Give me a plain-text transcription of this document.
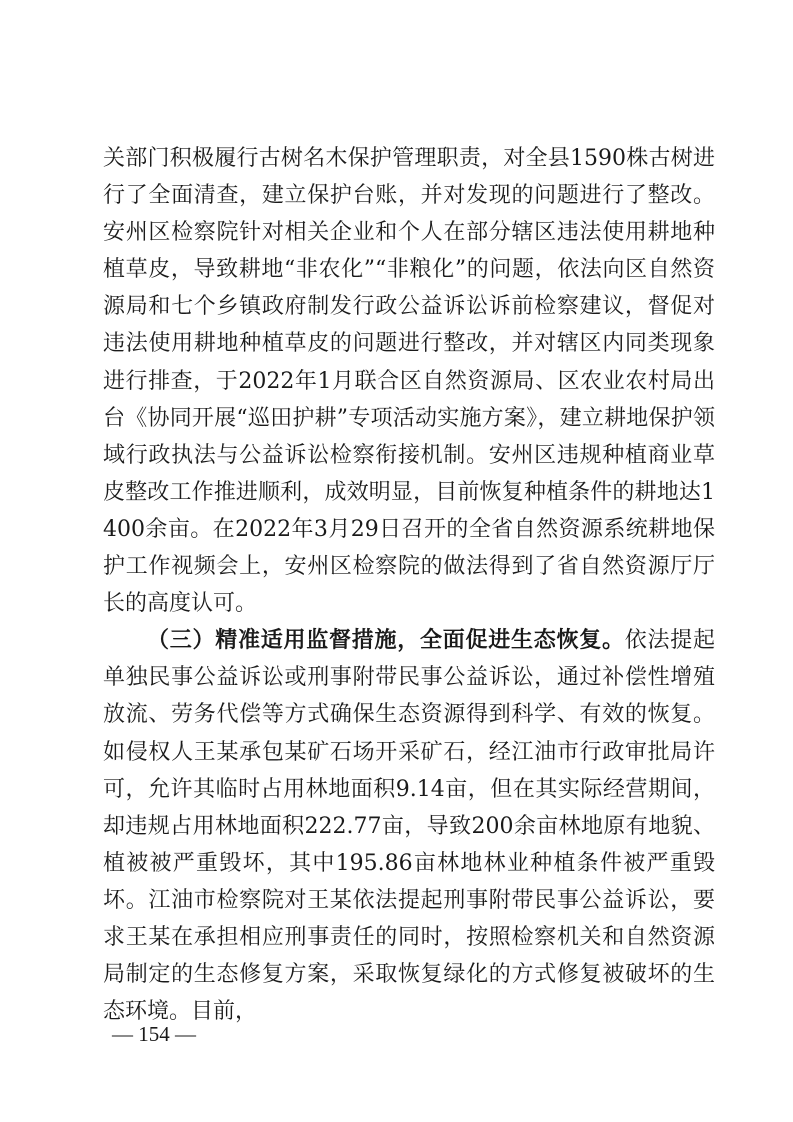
关部门积极履行古树名木保护管理职责，对全县1590株古树进行了全面清查，建立保护台账，并对发现的问题进行了整改。安州区检察院针对相关企业和个人在部分辖区违法使用耕地种植草皮，导致耕地“非农化”“非粮化”的问题，依法向区自然资源局和七个乡镇政府制发行政公益诉讼诉前检察建议，督促对违法使用耕地种植草皮的问题进行整改，并对辖区内同类现象进行排查，于2022年1月联合区自然资源局、区农业农村局出台《协同开展“巡田护耕”专项活动实施方案》，建立耕地保护领域行政执法与公益诉讼检察衔接机制。安州区违规种植商业草皮整改工作推进顺利，成效明显，目前恢复种植条件的耕地达1400余亩。在2022年3月29日召开的全省自然资源系统耕地保护工作视频会上，安州区检察院的做法得到了省自然资源厅厅长的高度认可。

（三）精准适用监督措施，全面促进生态恢复。依法提起单独民事公益诉讼或刑事附带民事公益诉讼，通过补偿性增殖放流、劳务代偿等方式确保生态资源得到科学、有效的恢复。如侵权人王某承包某矿石场开采矿石，经江油市行政审批局许可，允许其临时占用林地面积9.14亩，但在其实际经营期间，却违规占用林地面积222.77亩，导致200余亩林地原有地貌、植被被严重毁坏，其中195.86亩林地林业种植条件被严重毁坏。江油市检察院对王某依法提起刑事附带民事公益诉讼，要求王某在承担相应刑事责任的同时，按照检察机关和自然资源局制定的生态修复方案，采取恢复绿化的方式修复被破坏的生态环境。目前，

— 154 —
